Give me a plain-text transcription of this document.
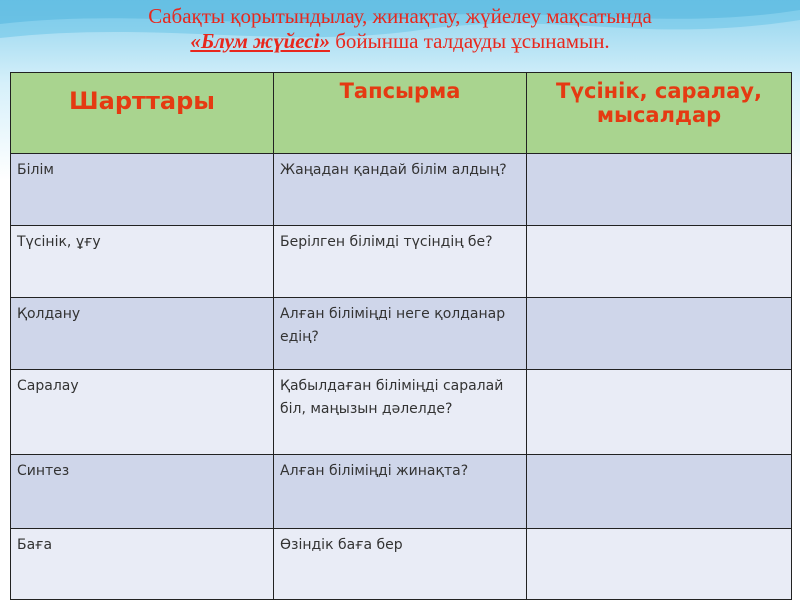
Сабақты қорытындылау, жинақтау, жүйелеу мақсатында
«Блум жүйесі» бойынша талдауды ұсынамын.
Шарттары	Тапсырма	Түсінік, саралау, мысалдар
Білім	Жаңадан қандай білім алдың?	
Түсінік, ұғу	Берілген білімді түсіндің бе?	
Қолдану	Алған біліміңді неге қолданар едің?	
Саралау	Қабылдаған біліміңді саралай біл, маңызын дәлелде?	
Синтез	Алған біліміңді жинақта?	
Баға	Өзіндік баға бер	
